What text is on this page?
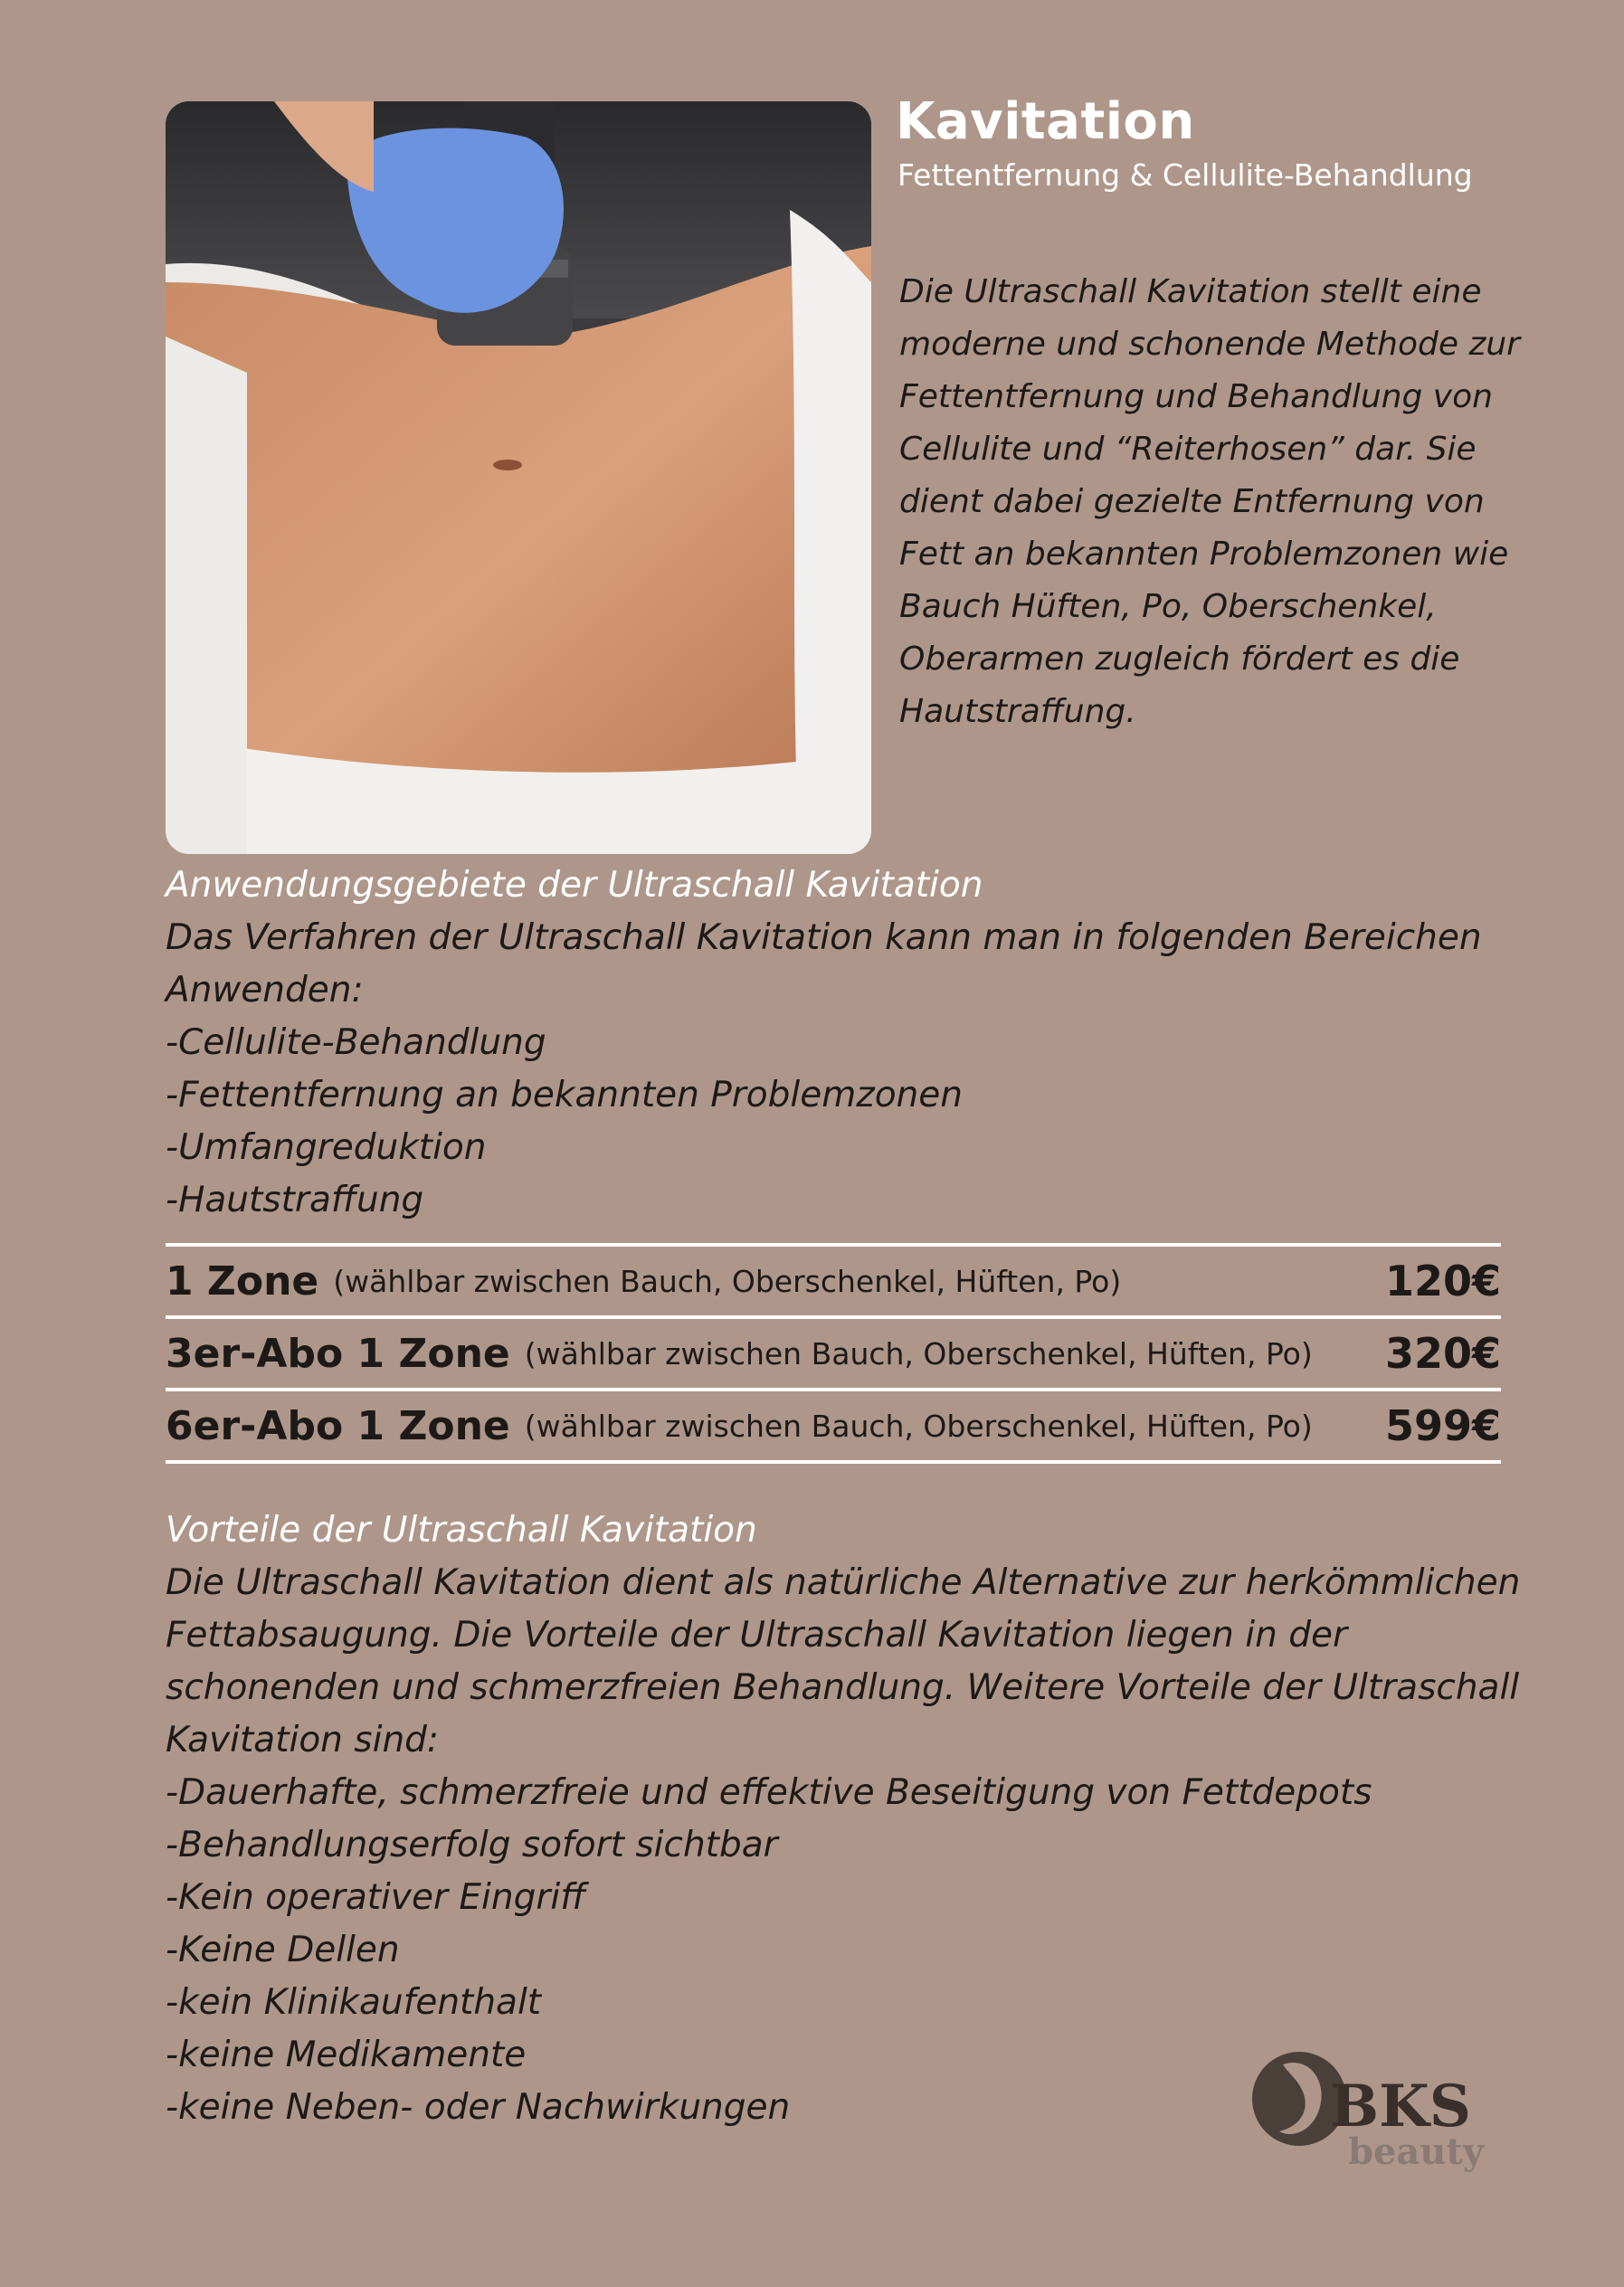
Kavitation
Fettentfernung & Cellulite-Behandlung

Die Ultraschall Kavitation stellt eine moderne und schonende Methode zur Fettentfernung und Behandlung von Cellulite und “Reiterhosen” dar. Sie dient dabei gezielte Entfernung von Fett an bekannten Problemzonen wie Bauch Hüften, Po, Oberschenkel, Oberarmen zugleich fördert es die Hautstraffung.

Anwendungsgebiete der Ultraschall Kavitation
Das Verfahren der Ultraschall Kavitation kann man in folgenden Bereichen Anwenden:
-Cellulite-Behandlung
-Fettentfernung an bekannten Problemzonen
-Umfangreduktion
-Hautstraffung
1 Zone (wählbar zwischen Bauch, Oberschenkel, Hüften, Po)	120€
3er-Abo 1 Zone (wählbar zwischen Bauch, Oberschenkel, Hüften, Po) 320€
6er-Abo 1 Zone (wählbar zwischen Bauch, Oberschenkel, Hüften, Po) 599€
Vorteile der Ultraschall Kavitation
Die Ultraschall Kavitation dient als natürliche Alternative zur herkömmlichen Fettabsaugung. Die Vorteile der Ultraschall Kavitation liegen in der schonenden und schmerzfreien Behandlung. Weitere Vorteile der Ultraschall Kavitation sind:
-Dauerhafte, schmerzfreie und effektive Beseitigung von Fettdepots
-Behandlungserfolg sofort sichtbar
-Kein operativer Eingriff
-Keine Dellen
-kein Klinikaufenthalt
-keine Medikamente
-keine Neben- oder Nachwirkungen	BKS
beauty
